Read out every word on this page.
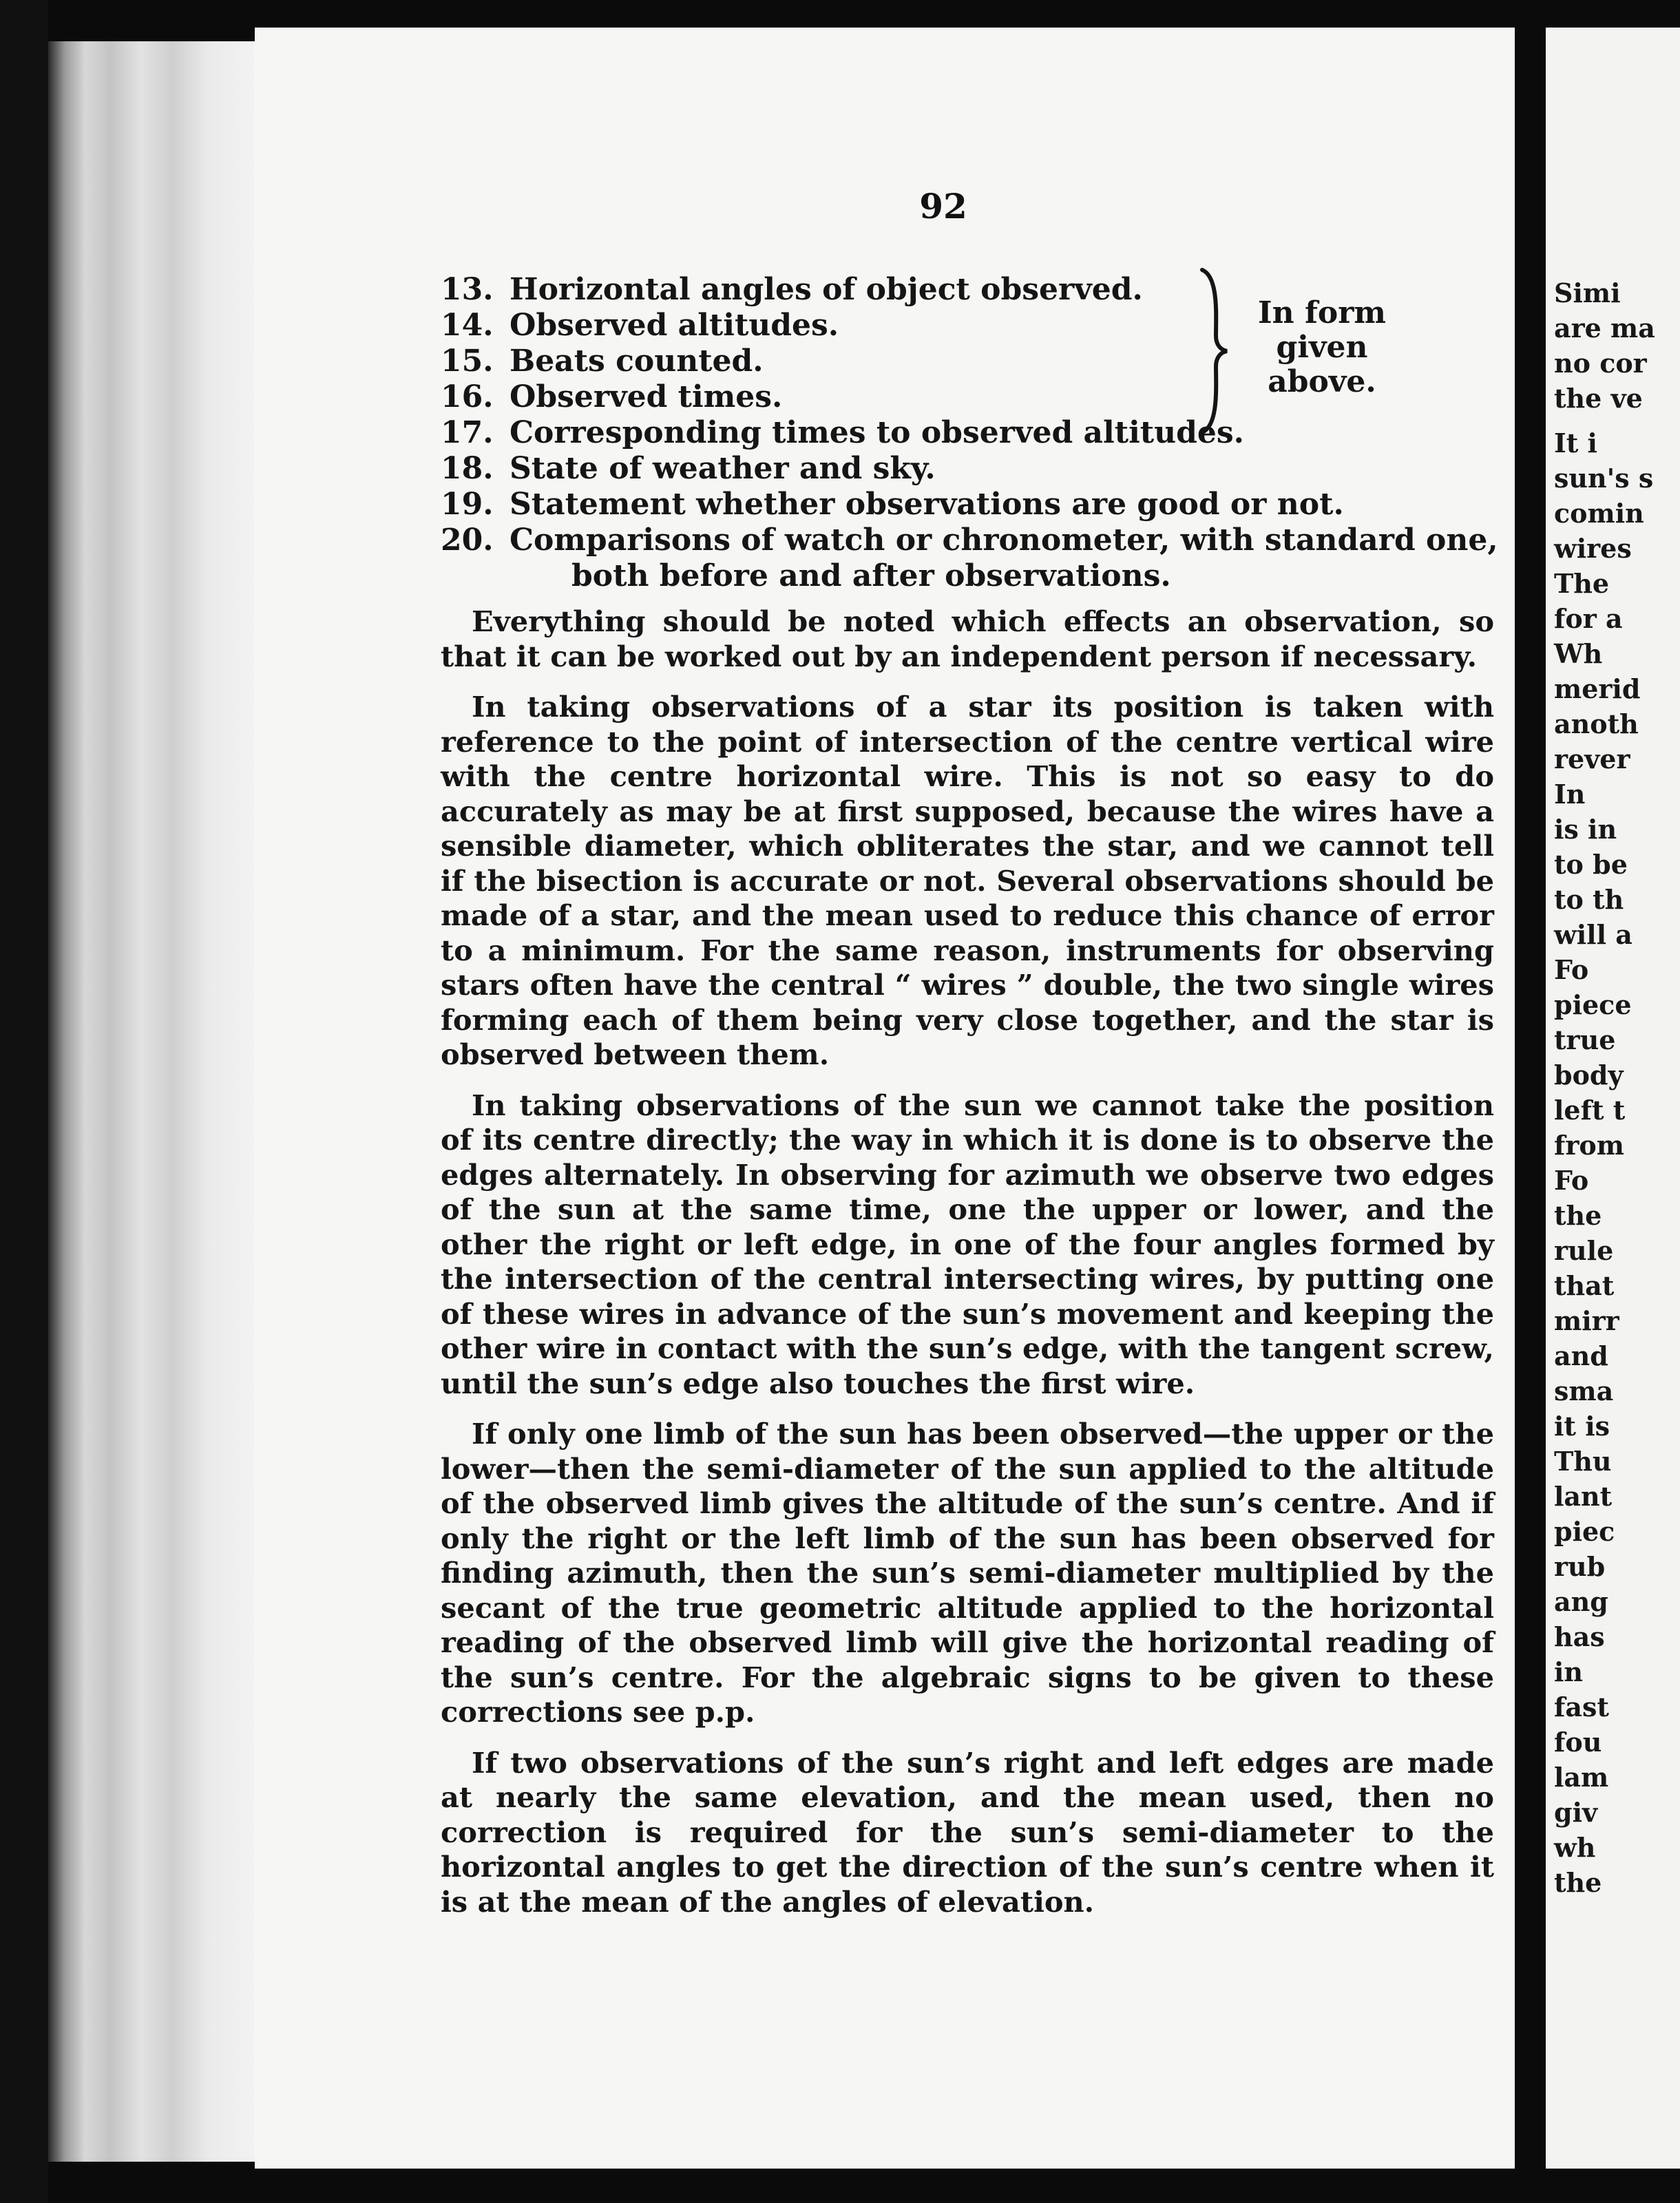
92
13. Horizontal angles of object observed.
14. Observed altitudes.
15. Beats counted.
16. Observed times.
17. Corresponding times to observed altitudes.
18. State of weather and sky.
19. Statement whether observations are good or not.
20. Comparisons of watch or chronometer, with standard one,
both before and after observations.
In form
given
above.

Everything should be noted which effects an observation, so that it can be worked out by an independent person if necessary.

In taking observations of a star its position is taken with reference to the point of intersection of the centre vertical wire with the centre horizontal wire. This is not so easy to do accurately as may be at first supposed, because the wires have a sensible diameter, which obliterates the star, and we cannot tell if the bisection is accurate or not. Several observations should be made of a star, and the mean used to reduce this chance of error to a minimum. For the same reason, instruments for observing stars often have the central “ wires ” double, the two single wires forming each of them being very close together, and the star is observed between them.

In taking observations of the sun we cannot take the position of its centre directly; the way in which it is done is to observe the edges alternately. In observing for azimuth we observe two edges of the sun at the same time, one the upper or lower, and the other the right or left edge, in one of the four angles formed by the intersection of the central intersecting wires, by putting one of these wires in advance of the sun’s movement and keeping the other wire in contact with the sun’s edge, with the tangent screw, until the sun’s edge also touches the first wire.

If only one limb of the sun has been observed—the upper or the lower—then the semi-diameter of the sun applied to the altitude of the observed limb gives the altitude of the sun’s centre. And if only the right or the left limb of the sun has been observed for finding azimuth, then the sun’s semi-diameter multiplied by the secant of the true geometric altitude applied to the horizontal reading of the observed limb will give the horizontal reading of the sun’s centre. For the algebraic signs to be given to these corrections see p.p.

If two observations of the sun’s right and left edges are made at nearly the same elevation, and the mean used, then no correction is required for the sun’s semi-diameter to the horizontal angles to get the direction of the sun’s centre when it is at the mean of the angles of elevation.

Simi
are ma
no cor
the ve
It i
sun's s
comin
wires
The
for a
Wh
merid
anoth
rever
In
is in
to be
to th
will a
Fo
piece
true
body
left t
from
Fo
the
rule
that
mirr
and
sma
it is
Thu
lant
piec
rub
ang
has
in
fast
fou
lam
giv
wh
the
